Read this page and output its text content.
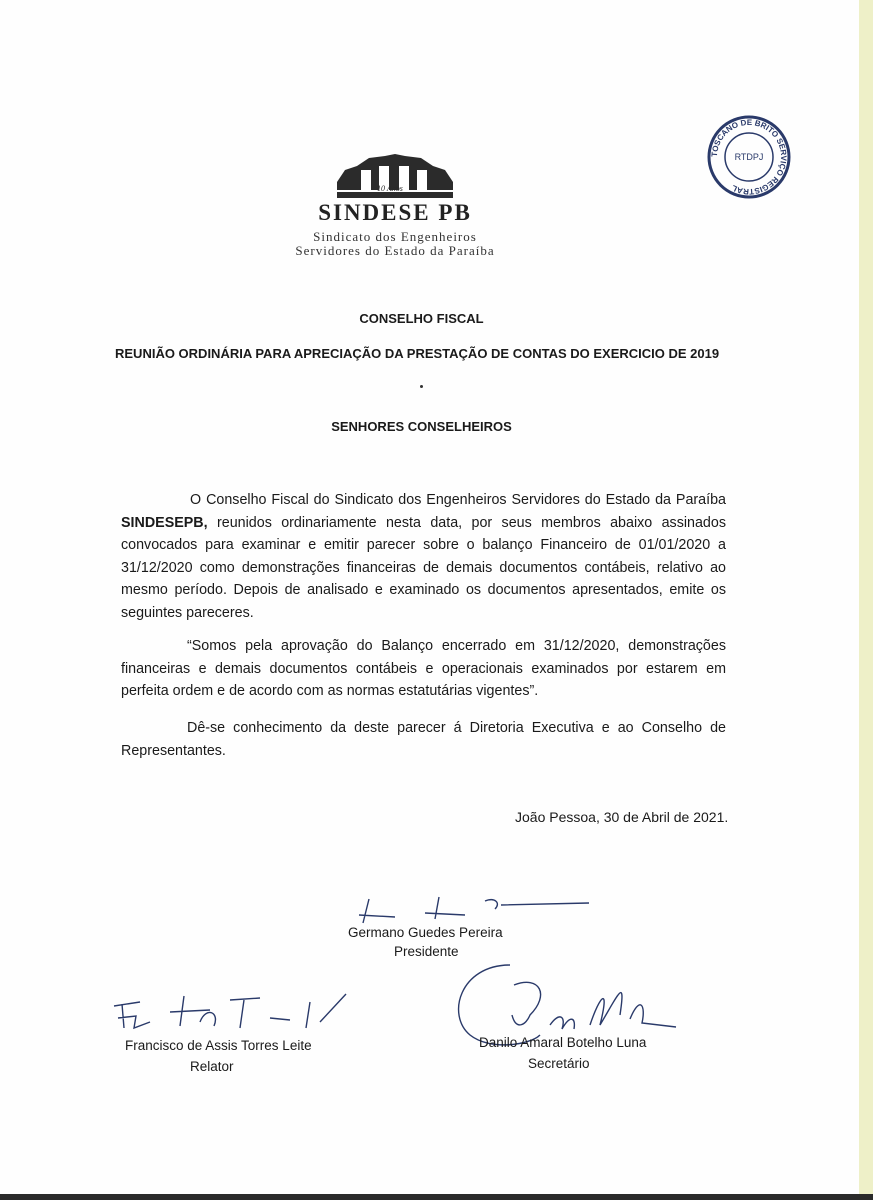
10 Anos
SINDESE PB
Sindicato dos Engenheiros
Servidores do Estado da Paraíba
TOSCANO DE BRITO SERVIÇO REGISTRAL
RTDPJ
CONSELHO FISCAL
REUNIÃO ORDINÁRIA PARA APRECIAÇÃO DA PRESTAÇÃO DE CONTAS DO EXERCICIO DE 2019
SENHORES CONSELHEIROS

O Conselho Fiscal do Sindicato dos Engenheiros Servidores do Estado da Paraíba SINDESEPB, reunidos ordinariamente nesta data, por seus membros abaixo assinados convocados para examinar e emitir parecer sobre o balanço Financeiro de 01/01/2020 a 31/12/2020 como demonstrações financeiras de demais documentos contábeis, relativo ao mesmo período. Depois de analisado e examinado os documentos apresentados, emite os seguintes pareceres.

“Somos pela aprovação do Balanço encerrado em 31/12/2020, demonstrações financeiras e demais documentos contábeis e operacionais examinados por estarem em perfeita ordem e de acordo com as normas estatutárias vigentes”.

Dê-se conhecimento da deste parecer á Diretoria Executiva e ao Conselho de Representantes.

João Pessoa, 30 de Abril de 2021.
Germano Guedes Pereira
Presidente
Francisco de Assis Torres Leite
Relator
Danilo Amaral Botelho Luna
Secretário
